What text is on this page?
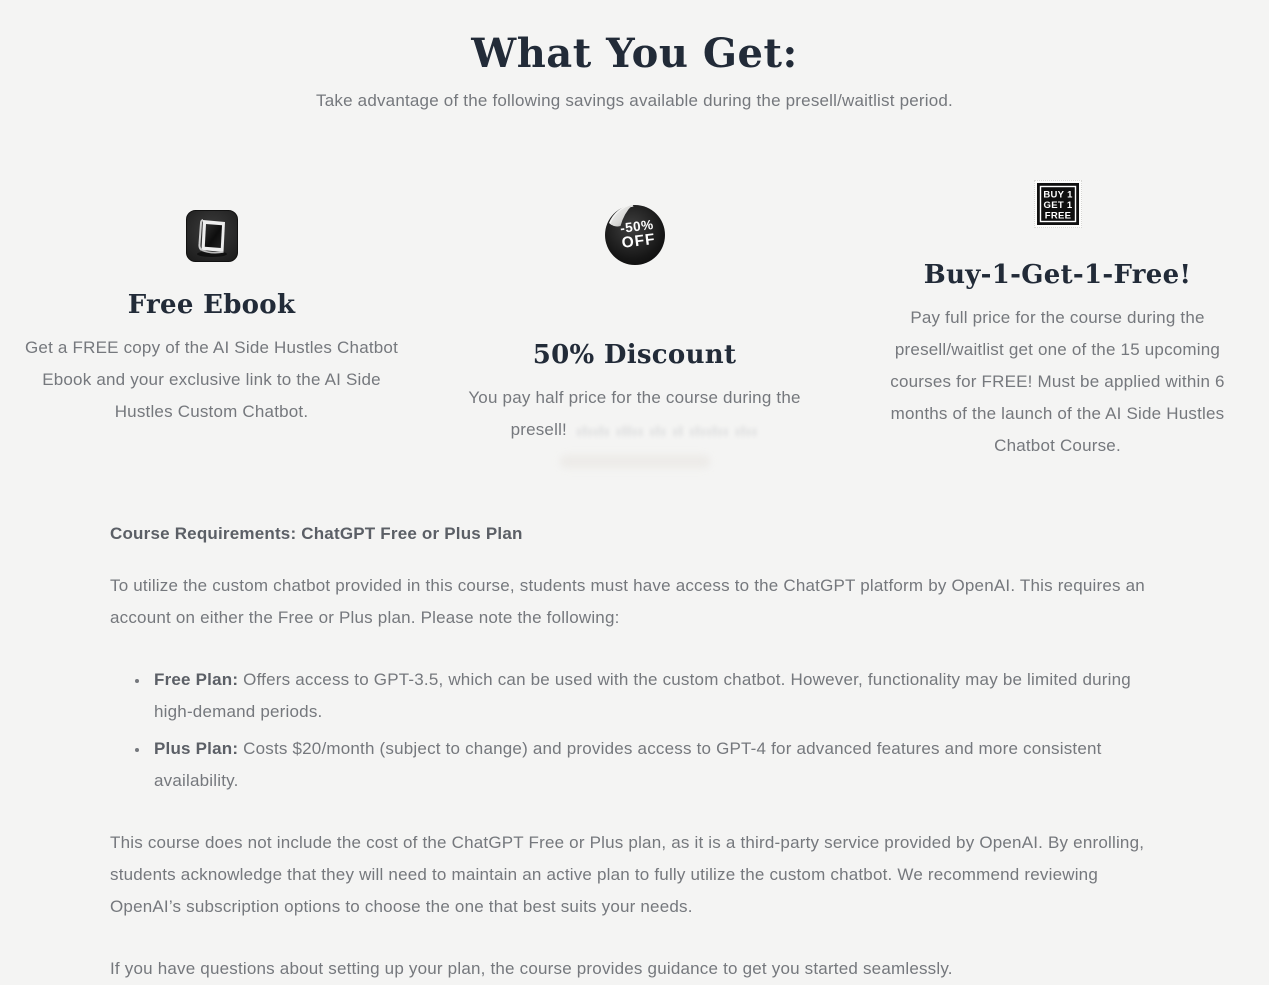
What You Get:

Take advantage of the following savings available during the presell/waitlist period.

Free Ebook

Get a FREE copy of the AI Side Hustles Chatbot Ebook and your exclusive link to the AI Side Hustles Custom Chatbot.

-50%
OFF
50% Discount

You pay half price for the course during the presell! ılıılı ıllıı ılı ıl ılıılıı ılıı

BUY 1
GET 1
FREE
Buy-1-Get-1-Free!

Pay full price for the course during the presell/waitlist get one of the 15 upcoming courses for FREE! Must be applied within 6 months of the launch of the AI Side Hustles Chatbot Course.

Course Requirements: ChatGPT Free or Plus Plan

To utilize the custom chatbot provided in this course, students must have access to the ChatGPT platform by OpenAI. This requires an account on either the Free or Plus plan. Please note the following:

• Free Plan: Offers access to GPT-3.5, which can be used with the custom chatbot. However, functionality may be limited during high-demand periods.
• Plus Plan: Costs $20/month (subject to change) and provides access to GPT-4 for advanced features and more consistent availability.

This course does not include the cost of the ChatGPT Free or Plus plan, as it is a third-party service provided by OpenAI. By enrolling, students acknowledge that they will need to maintain an active plan to fully utilize the custom chatbot. We recommend reviewing OpenAI’s subscription options to choose the one that best suits your needs.

If you have questions about setting up your plan, the course provides guidance to get you started seamlessly.
